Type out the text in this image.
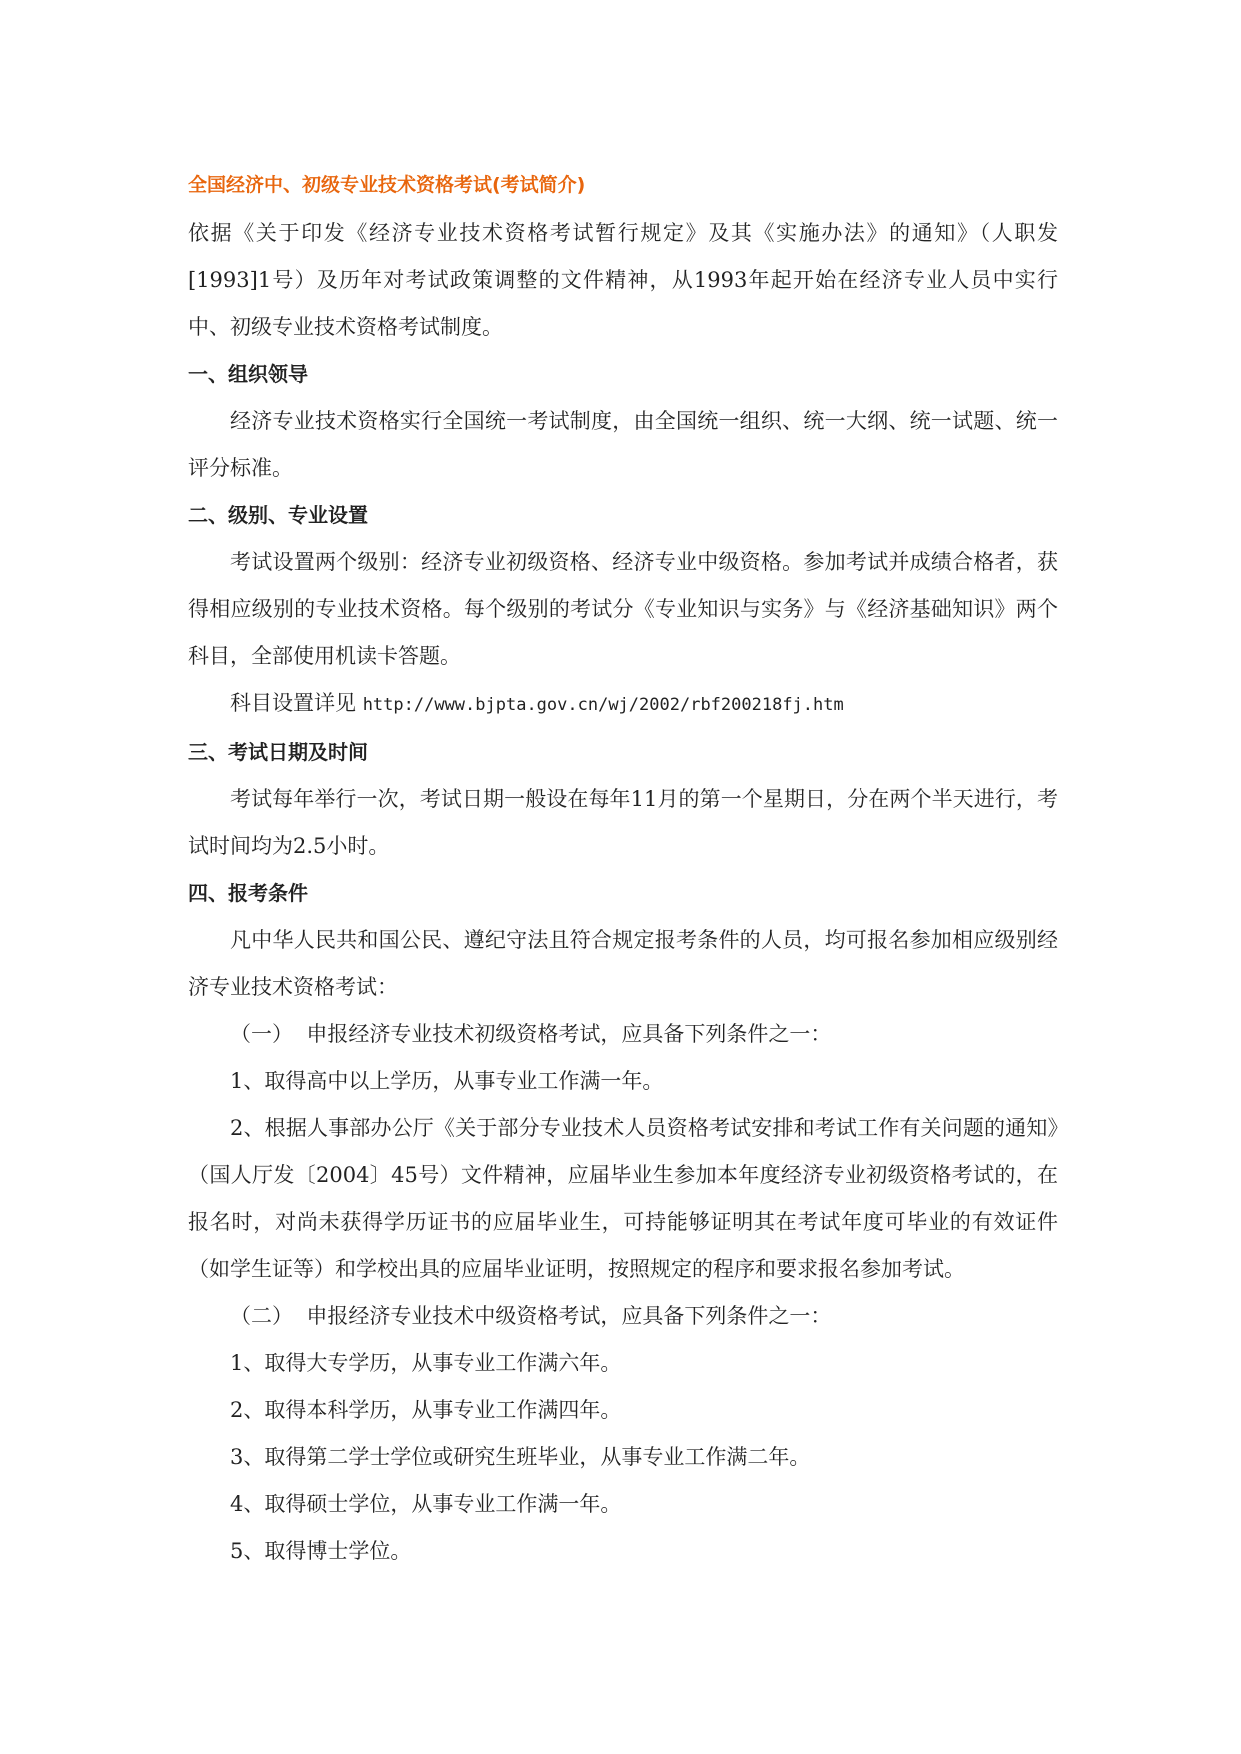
全国经济中、初级专业技术资格考试(考试简介)

依据《关于印发《经济专业技术资格考试暂行规定》及其《实施办法》的通知》（人职发[1993]1号）及历年对考试政策调整的文件精神，从1993年起开始在经济专业人员中实行中、初级专业技术资格考试制度。

一、组织领导

经济专业技术资格实行全国统一考试制度，由全国统一组织、统一大纲、统一试题、统一评分标准。

二、级别、专业设置

考试设置两个级别：经济专业初级资格、经济专业中级资格。参加考试并成绩合格者，获得相应级别的专业技术资格。每个级别的考试分《专业知识与实务》与《经济基础知识》两个科目，全部使用机读卡答题。

科目设置详见 http://www.bjpta.gov.cn/wj/2002/rbf200218fj.htm

三、考试日期及时间

考试每年举行一次，考试日期一般设在每年11月的第一个星期日，分在两个半天进行，考试时间均为2.5小时。

四、报考条件

凡中华人民共和国公民、遵纪守法且符合规定报考条件的人员，均可报名参加相应级别经济专业技术资格考试：

（一） 申报经济专业技术初级资格考试，应具备下列条件之一：

1、取得高中以上学历，从事专业工作满一年。

2、根据人事部办公厅《关于部分专业技术人员资格考试安排和考试工作有关问题的通知》（国人厅发〔2004〕45号）文件精神，应届毕业生参加本年度经济专业初级资格考试的，在报名时，对尚未获得学历证书的应届毕业生，可持能够证明其在考试年度可毕业的有效证件（如学生证等）和学校出具的应届毕业证明，按照规定的程序和要求报名参加考试。

（二） 申报经济专业技术中级资格考试，应具备下列条件之一：

1、取得大专学历，从事专业工作满六年。

2、取得本科学历，从事专业工作满四年。

3、取得第二学士学位或研究生班毕业，从事专业工作满二年。

4、取得硕士学位，从事专业工作满一年。

5、取得博士学位。
